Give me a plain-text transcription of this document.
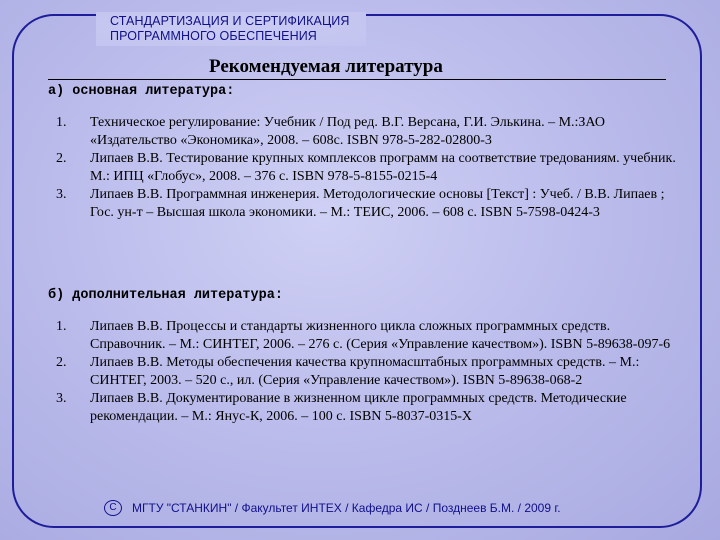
СТАНДАРТИЗАЦИЯ И СЕРТИФИКАЦИЯ
ПРОГРАММНОГО ОБЕСПЕЧЕНИЯ
Рекомендуемая литература
а) основная литература:
1. Техническое регулирование: Учебник / Под ред. В.Г. Версана, Г.И. Элькина. – М.:ЗАО «Издательство «Экономика», 2008. – 608с. ISBN 978-5-282-02800-3
2. Липаев В.В. Тестирование крупных комплексов программ на соответствие тредованиям. учебник. М.: ИПЦ «Глобус», 2008. – 376 с. ISBN 978-5-8155-0215-4
3. Липаев В.В. Программная инженерия. Методологические основы [Текст] : Учеб. / В.В. Липаев ; Гос. ун-т – Высшая школа экономики. – М.: ТЕИС, 2006. – 608 с. ISBN 5-7598-0424-3
б) дополнительная литература:
1. Липаев В.В. Процессы и стандарты жизненного цикла сложных программных средств. Справочник. – М.: СИНТЕГ, 2006. – 276 с. (Серия «Управление качеством»). ISBN 5-89638-097-6
2. Липаев В.В. Методы обеспечения качества крупномасштабных программных средств. – М.: СИНТЕГ, 2003. – 520 с., ил. (Серия «Управление качеством»). ISBN 5-89638-068-2
3. Липаев В.В. Документирование в жизненном цикле программных средств. Методические рекомендации. – М.: Янус-К, 2006. – 100 с. ISBN 5-8037-0315-X
С	МГТУ "СТАНКИН" / Факультет ИНТЕХ / Кафедра ИС / Позднеев Б.М. / 2009 г.
